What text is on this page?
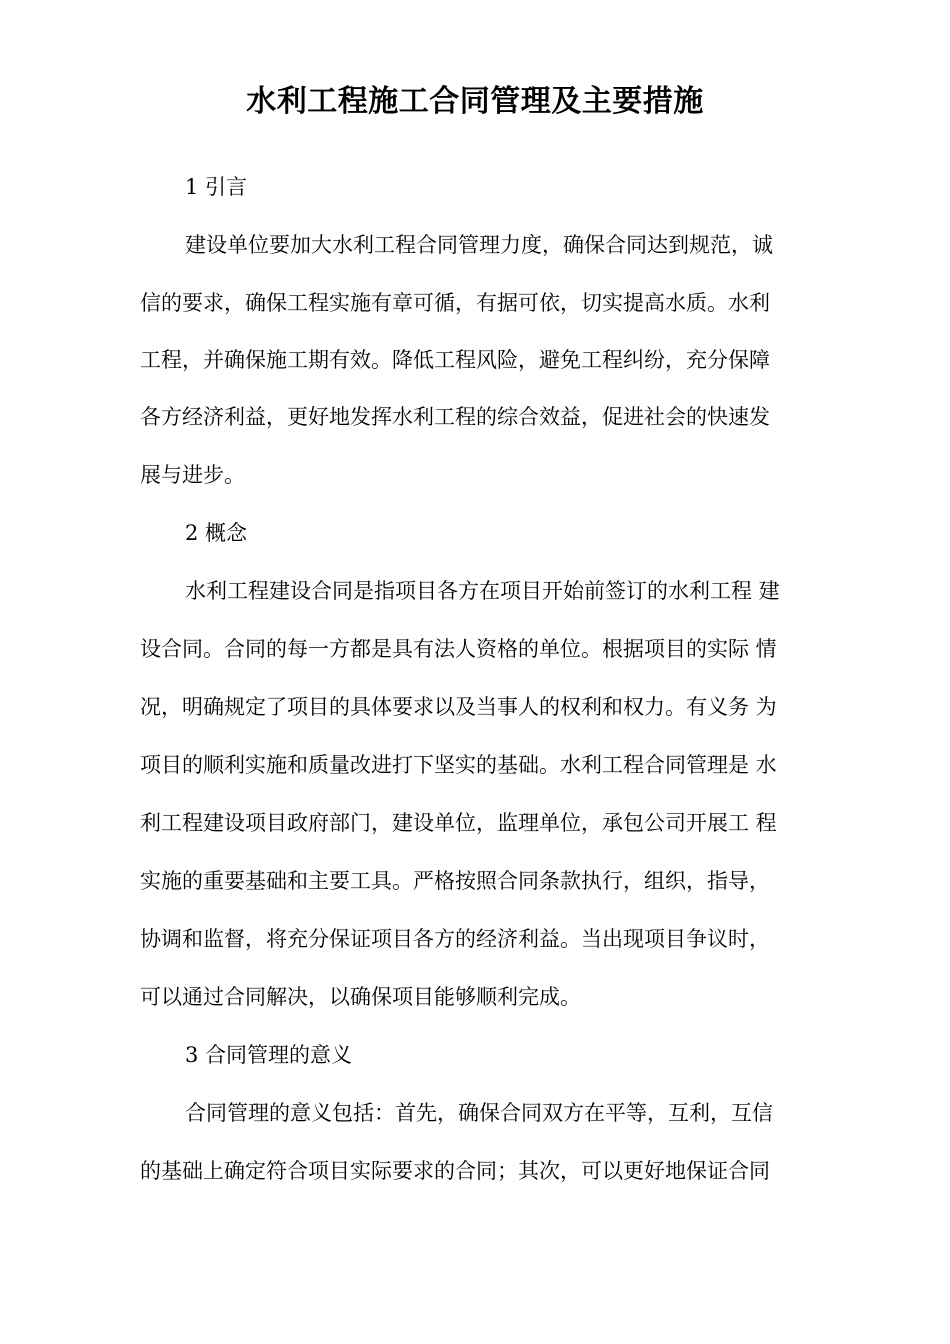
水利工程施工合同管理及主要措施
1 引言
建设单位要加大水利工程合同管理力度，确保合同达到规范，诚
信的要求，确保工程实施有章可循，有据可依，切实提高水质。水利
工程，并确保施工期有效。降低工程风险，避免工程纠纷，充分保障
各方经济利益，更好地发挥水利工程的综合效益，促进社会的快速发
展与进步。
2 概念
水利工程建设合同是指项目各方在项目开始前签订的水利工程 建
设合同。合同的每一方都是具有法人资格的单位。根据项目的实际 情
况，明确规定了项目的具体要求以及当事人的权利和权力。有义务 为
项目的顺利实施和质量改进打下坚实的基础。水利工程合同管理是 水
利工程建设项目政府部门，建设单位，监理单位，承包公司开展工 程
实施的重要基础和主要工具。严格按照合同条款执行，组织，指导，
协调和监督，将充分保证项目各方的经济利益。当出现项目争议时，
可以通过合同解决，以确保项目能够顺利完成。
3 合同管理的意义
合同管理的意义包括：首先，确保合同双方在平等，互利，互信
的基础上确定符合项目实际要求的合同；其次，可以更好地保证合同
